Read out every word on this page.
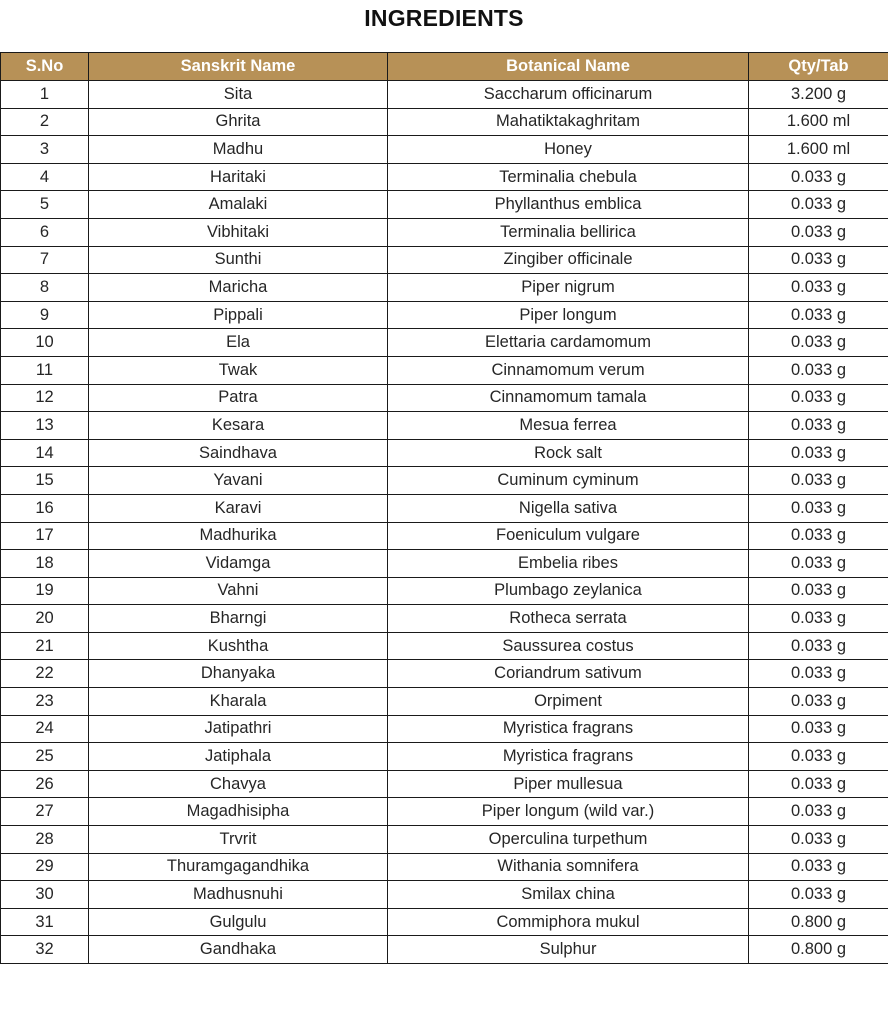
INGREDIENTS
S.No	Sanskrit Name	Botanical Name	Qty/Tab
1	Sita	Saccharum officinarum	3.200 g
2	Ghrita	Mahatiktakaghritam	1.600 ml
3	Madhu	Honey	1.600 ml
4	Haritaki	Terminalia chebula	0.033 g
5	Amalaki	Phyllanthus emblica	0.033 g
6	Vibhitaki	Terminalia bellirica	0.033 g
7	Sunthi	Zingiber officinale	0.033 g
8	Maricha	Piper nigrum	0.033 g
9	Pippali	Piper longum	0.033 g
10	Ela	Elettaria cardamomum	0.033 g
11	Twak	Cinnamomum verum	0.033 g
12	Patra	Cinnamomum tamala	0.033 g
13	Kesara	Mesua ferrea	0.033 g
14	Saindhava	Rock salt	0.033 g
15	Yavani	Cuminum cyminum	0.033 g
16	Karavi	Nigella sativa	0.033 g
17	Madhurika	Foeniculum vulgare	0.033 g
18	Vidamga	Embelia ribes	0.033 g
19	Vahni	Plumbago zeylanica	0.033 g
20	Bharngi	Rotheca serrata	0.033 g
21	Kushtha	Saussurea costus	0.033 g
22	Dhanyaka	Coriandrum sativum	0.033 g
23	Kharala	Orpiment	0.033 g
24	Jatipathri	Myristica fragrans	0.033 g
25	Jatiphala	Myristica fragrans	0.033 g
26	Chavya	Piper mullesua	0.033 g
27	Magadhisipha	Piper longum (wild var.)	0.033 g
28	Trvrit	Operculina turpethum	0.033 g
29	Thuramgagandhika	Withania somnifera	0.033 g
30	Madhusnuhi	Smilax china	0.033 g
31	Gulgulu	Commiphora mukul	0.800 g
32	Gandhaka	Sulphur	0.800 g
